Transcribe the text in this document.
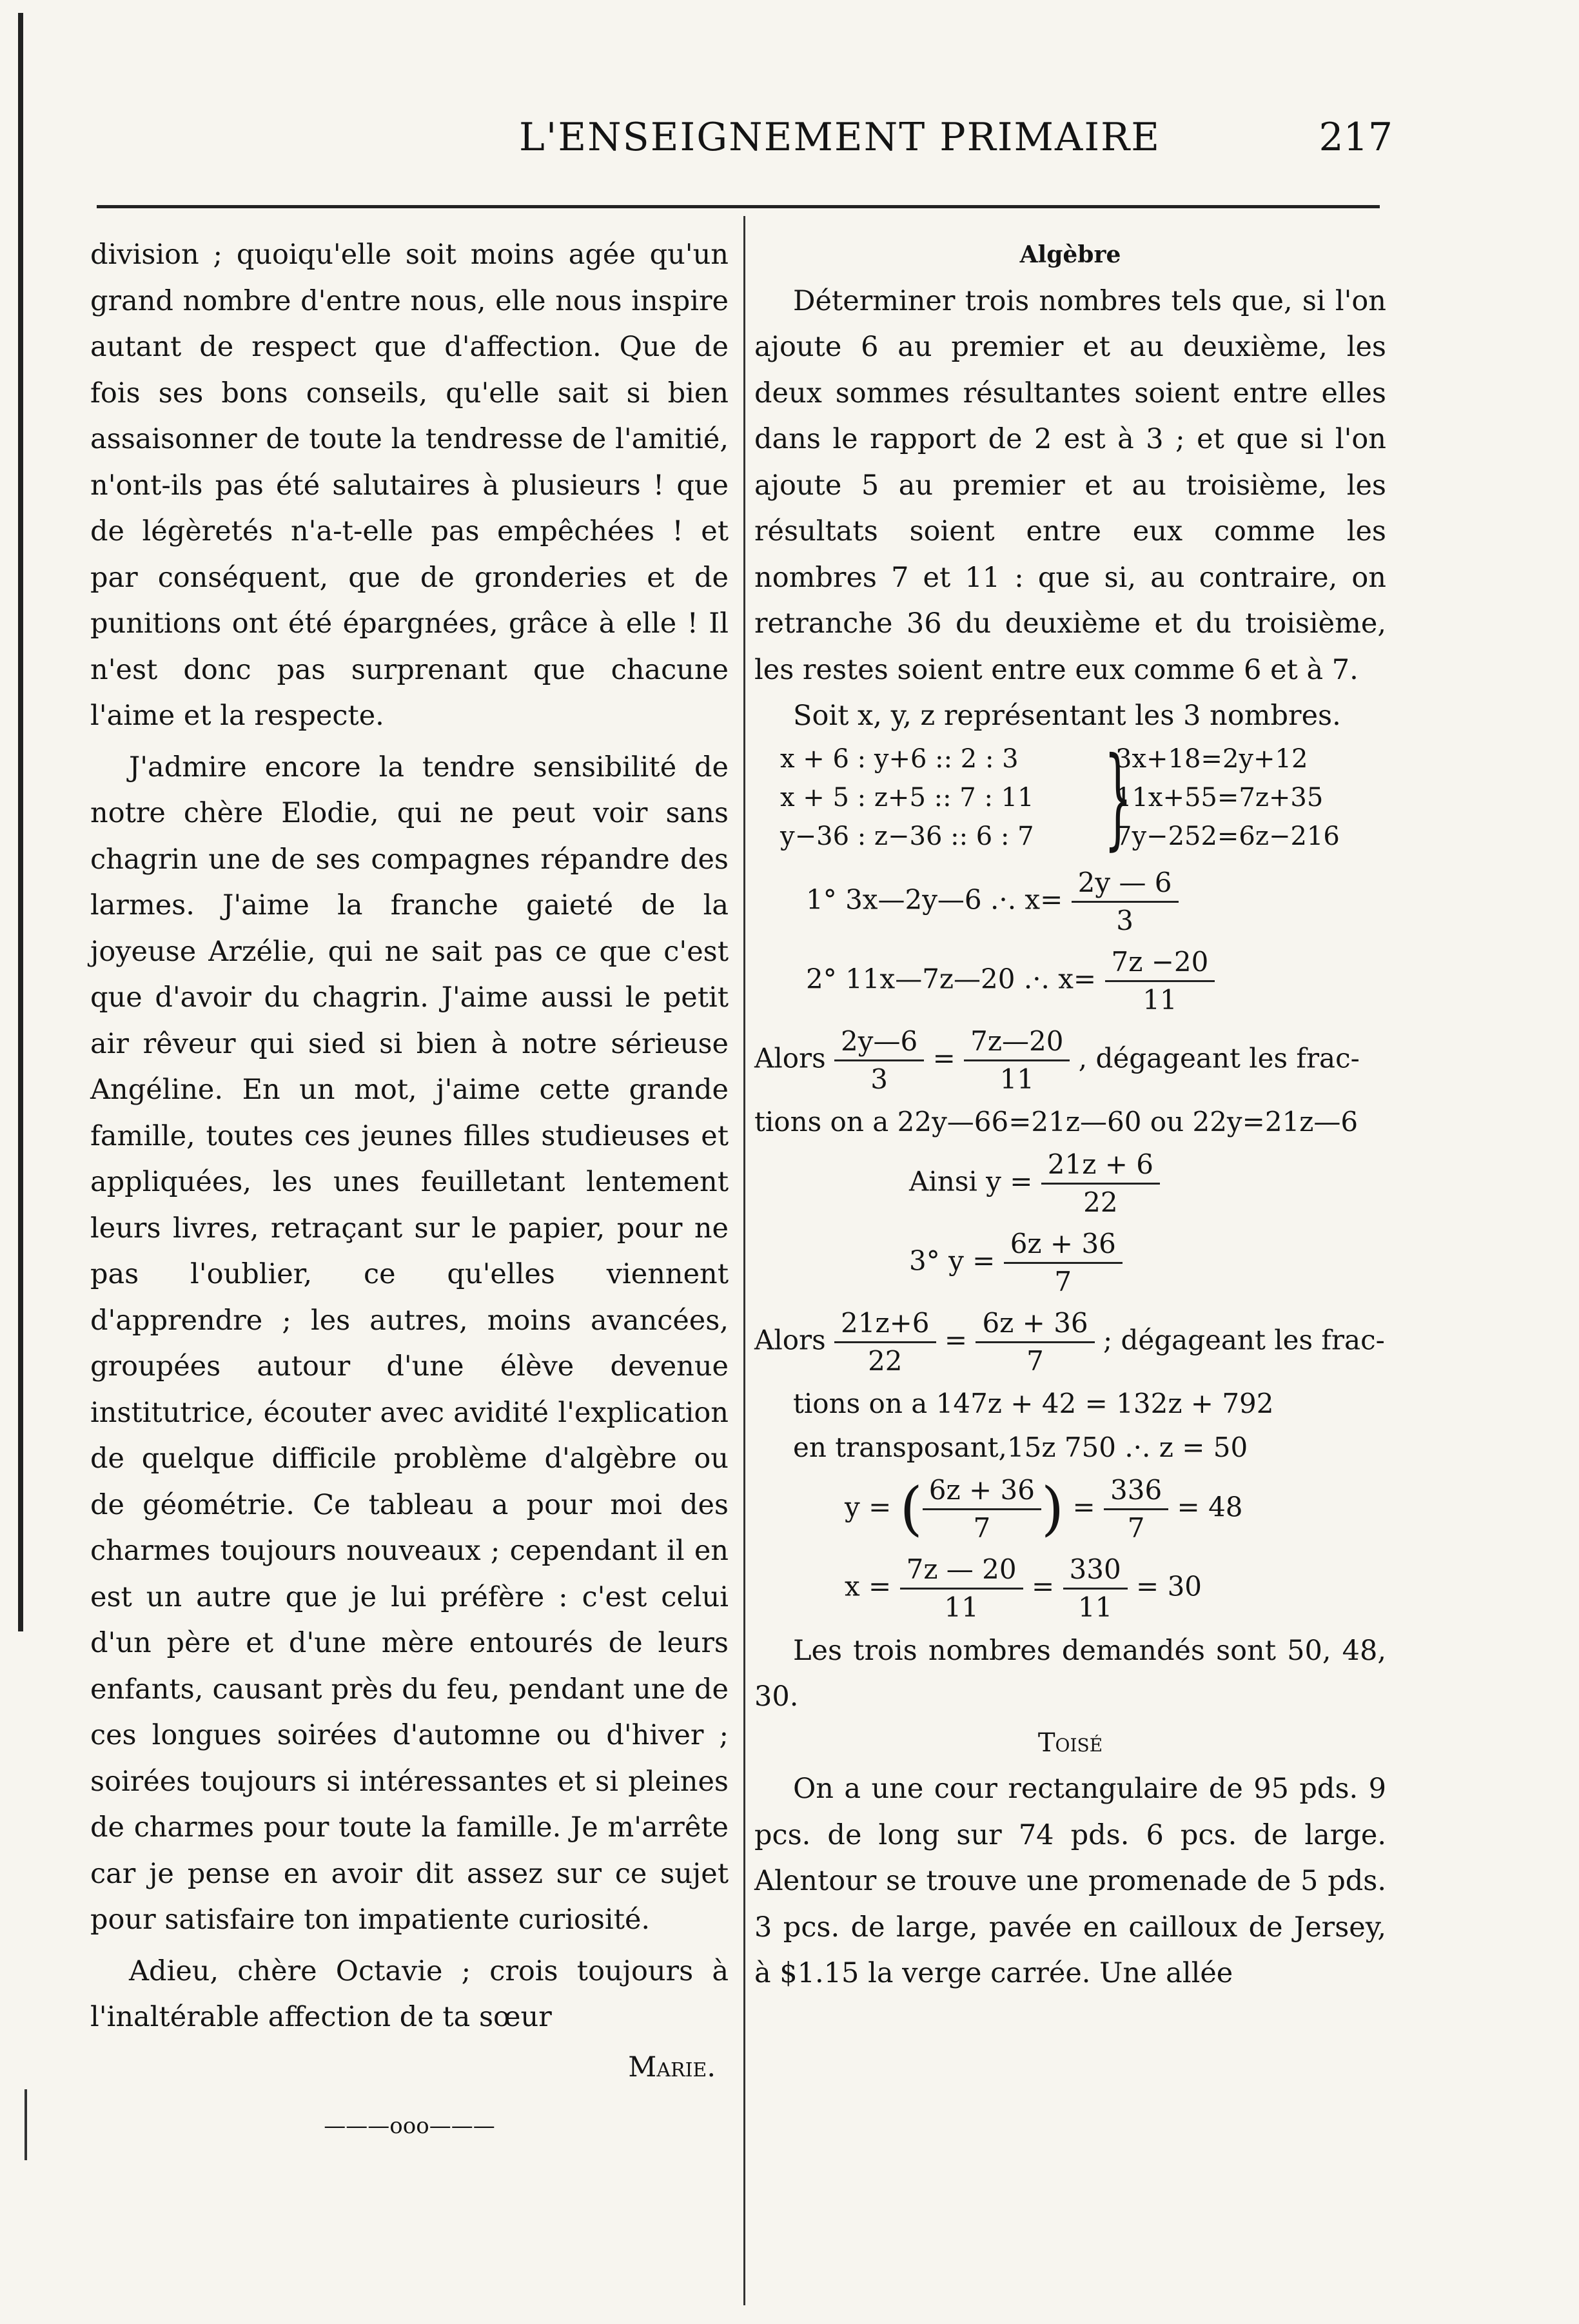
L'ENSEIGNEMENT PRIMAIRE	217

division ; quoiqu'elle soit moins agée qu'un grand nombre d'entre nous, elle nous inspire autant de respect que d'affection. Que de fois ses bons conseils, qu'elle sait si bien assaisonner de toute la tendresse de l'amitié, n'ont-ils pas été salutaires à plusieurs ! que de légèretés n'a-t-elle pas empêchées ! et par conséquent, que de gronderies et de punitions ont été épargnées, grâce à elle ! Il n'est donc pas surprenant que chacune l'aime et la respecte.

J'admire encore la tendre sensibilité de notre chère Elodie, qui ne peut voir sans chagrin une de ses compagnes répandre des larmes. J'aime la franche gaieté de la joyeuse Arzélie, qui ne sait pas ce que c'est que d'avoir du chagrin. J'aime aussi le petit air rêveur qui sied si bien à notre sérieuse Angéline. En un mot, j'aime cette grande famille, toutes ces jeunes filles studieuses et appliquées, les unes feuilletant lentement leurs livres, retraçant sur le papier, pour ne pas l'oublier, ce qu'elles viennent d'apprendre ; les autres, moins avancées, groupées autour d'une élève devenue institutrice, écouter avec avidité l'explication de quelque difficile problème d'algèbre ou de géométrie. Ce tableau a pour moi des charmes toujours nouveaux ; cependant il en est un autre que je lui préfère : c'est celui d'un père et d'une mère entourés de leurs enfants, causant près du feu, pendant une de ces longues soirées d'automne ou d'hiver ; soirées toujours si intéressantes et si pleines de charmes pour toute la famille. Je m'arrête car je pense en avoir dit assez sur ce sujet pour satisfaire ton impatiente curiosité.

Adieu, chère Octavie ; crois toujours à l'inaltérable affection de ta sœur

Marie.

———ooo———

Algèbre

Déterminer trois nombres tels que, si l'on ajoute 6 au premier et au deuxième, les deux sommes résultantes soient entre elles dans le rapport de 2 est à 3 ; et que si l'on ajoute 5 au premier et au troisième, les résultats soient entre eux comme les nombres 7 et 11 : que si, au contraire, on retranche 36 du deuxième et du troisième, les restes soient entre eux comme 6 et à 7.

Soit x, y, z représentant les 3 nombres.

x + 6 : y+6 :: 2 : 3
x + 5 : z+5 :: 7 : 11
y−36 : z−36 :: 6 : 7 }
3x+18=2y+12
11x+55=7z+35
7y−252=6z−216
1° 3x—2y—6 .·. $x= \frac{2y — 6}{3}$
2° 11x—7z—20 .·. $x= \frac{7z -20}{11}$
Alors $\frac{2y—6}{3} = \frac{7z—20}{11}$ , dégageant les frac-
tions on a 22y—66=21z—60 ou 22y=21z—6
Ainsi $y = \frac{21z + 6}{22}$
3° $y = \frac{6z + 36}{7}$
Alors $\frac{21z+6}{22} = \frac{6z + 36}{7}$ ; dégageant les frac-
tions on a 147z + 42 = 132z + 792
en transposant,15z 750 .·. z = 50
y = ( $\frac{6z + 36}{7}$ ) = $\frac{336}{7} = 48$
$x = \frac{7z — 20}{11} = \frac{330}{11} = 30$

Les trois nombres demandés sont 50, 48, 30.

Toisé

On a une cour rectangulaire de 95 pds. 9 pcs. de long sur 74 pds. 6 pcs. de large. Alentour se trouve une promenade de 5 pds. 3 pcs. de large, pavée en cailloux de Jersey, à $1.15 la verge carrée. Une allée
